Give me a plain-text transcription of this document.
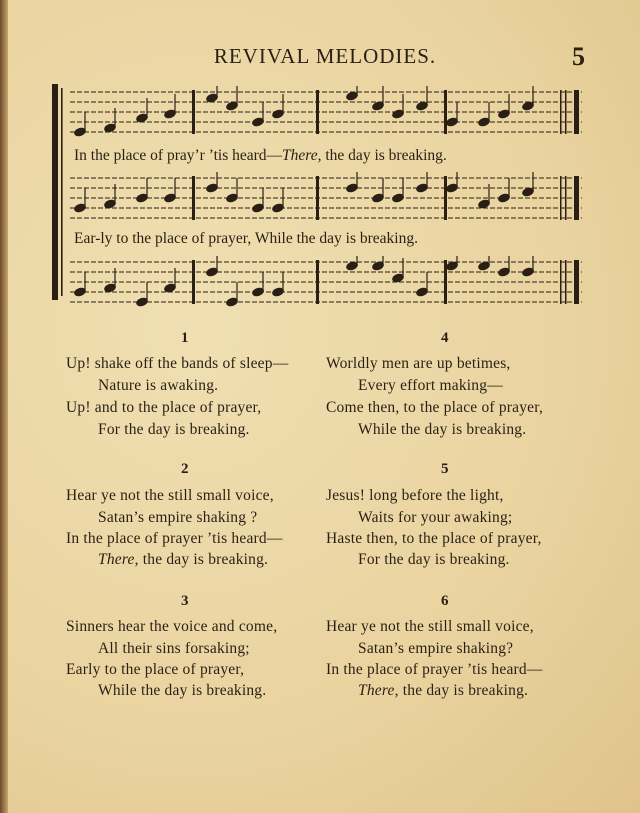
REVIVAL MELODIES.	5
In the place of pray’r ’tis heard—There, the day is breaking.
Ear-ly to the place of prayer, While the day is breaking.
1
Up! shake off the bands of sleep—
Nature is awaking.
Up! and to the place of prayer,
For the day is breaking.
2
Hear ye not the still small voice,
Satan’s empire shaking ?
In the place of prayer ’tis heard—
There, the day is breaking.
3
Sinners hear the voice and come,
All their sins forsaking;
Early to the place of prayer,
While the day is breaking.
4
Worldly men are up betimes,
Every effort making—
Come then, to the place of prayer,
While the day is breaking.
5
Jesus! long before the light,
Waits for your awaking;
Haste then, to the place of prayer,
For the day is breaking.
6
Hear ye not the still small voice,
Satan’s empire shaking?
In the place of prayer ’tis heard—
There, the day is breaking.
